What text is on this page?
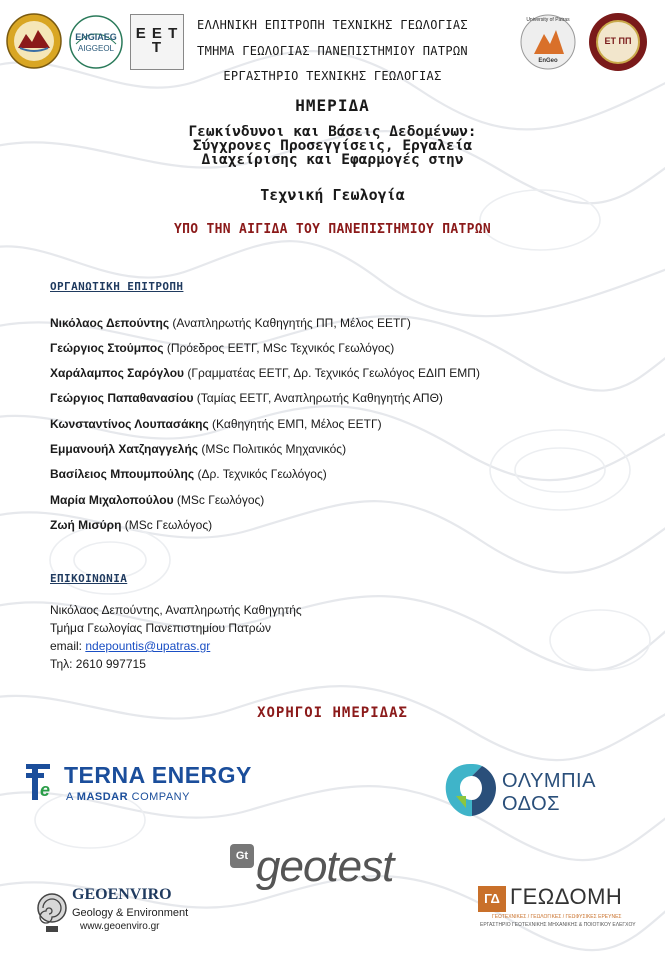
ENGIAEG
AIGGEOL
E E T T
ΕΛΛΗΝΙΚΗ ΕΠΙΤΡΟΠΗ ΤΕΧΝΙΚΗΣ ΓΕΩΛΟΓΙΑΣ
ΤΜΗΜΑ ΓΕΩΛΟΓΙΑΣ ΠΑΝΕΠΙΣΤΗΜΙΟΥ ΠΑΤΡΩΝ
ΕΡΓΑΣΤΗΡΙΟ ΤΕΧΝΙΚΗΣ ΓΕΩΛΟΓΙΑΣ
University of Patras
EnGeo
ΕΤ ΠΠ
ΗΜΕΡΙΔΑ
Γεωκίνδυνοι και Βάσεις Δεδομένων:
Σύγχρονες Προσεγγίσεις, Εργαλεία
Διαχείρισης και Εφαρμογές στην
Τεχνική Γεωλογία
ΥΠΟ ΤΗΝ ΑΙΓΙΔΑ ΤΟΥ ΠΑΝΕΠΙΣΤΗΜΙΟΥ ΠΑΤΡΩΝ
ΟΡΓΑΝΩΤΙΚΗ ΕΠΙΤΡΟΠΗ
Νικόλαος Δεπούντης (Αναπληρωτής Καθηγητής ΠΠ, Μέλος ΕΕΤΓ)
Γεώργιος Στούμπος (Πρόεδρος ΕΕΤΓ, MSc Τεχνικός Γεωλόγος)
Χαράλαμπος Σαρόγλου (Γραμματέας ΕΕΤΓ, Δρ. Τεχνικός Γεωλόγος ΕΔΙΠ ΕΜΠ)
Γεώργιος Παπαθανασίου (Ταμίας ΕΕΤΓ, Αναπληρωτής Καθηγητής ΑΠΘ)
Κωνσταντίνος Λουπασάκης (Καθηγητής ΕΜΠ, Μέλος ΕΕΤΓ)
Εμμανουήλ Χατζηαγγελής (MSc Πολιτικός Μηχανικός)
Βασίλειος Μπουμπούλης (Δρ. Τεχνικός Γεωλόγος)
Μαρία Μιχαλοπούλου (MSc Γεωλόγος)
Ζωή Μισύρη (MSc Γεωλόγος)
ΕΠΙΚΟΙΝΩΝΙΑ
Νικόλαος Δεπούντης, Αναπληρωτής Καθηγητής
Τμήμα Γεωλογίας Πανεπιστημίου Πατρών
email: ndepountis@upatras.gr
Τηλ: 2610 997715
ΧΟΡΗΓΟΙ ΗΜΕΡΙΔΑΣ
e
TERNA ENERGY
A MASDAR COMPANY
ΟΛΥΜΠΙΑ
ΟΔΟΣ
Gt geotest
GEOENVIRO
Geology & Environment
www.geoenviro.gr
ΓΔ ΓΕΩΔΟΜΗ
ΓΕΩΤΕΧΝΙΚΕΣ / ΓΕΩΛΟΓΙΚΕΣ / ΓΕΩΦΥΣΙΚΕΣ ΕΡΕΥΝΕΣ
ΕΡΓΑΣΤΗΡΙΟ ΓΕΩΤΕΧΝΙΚΗΣ ΜΗΧΑΝΙΚΗΣ & ΠΟΙΟΤΙΚΟΥ ΕΛΕΓΧΟΥ
